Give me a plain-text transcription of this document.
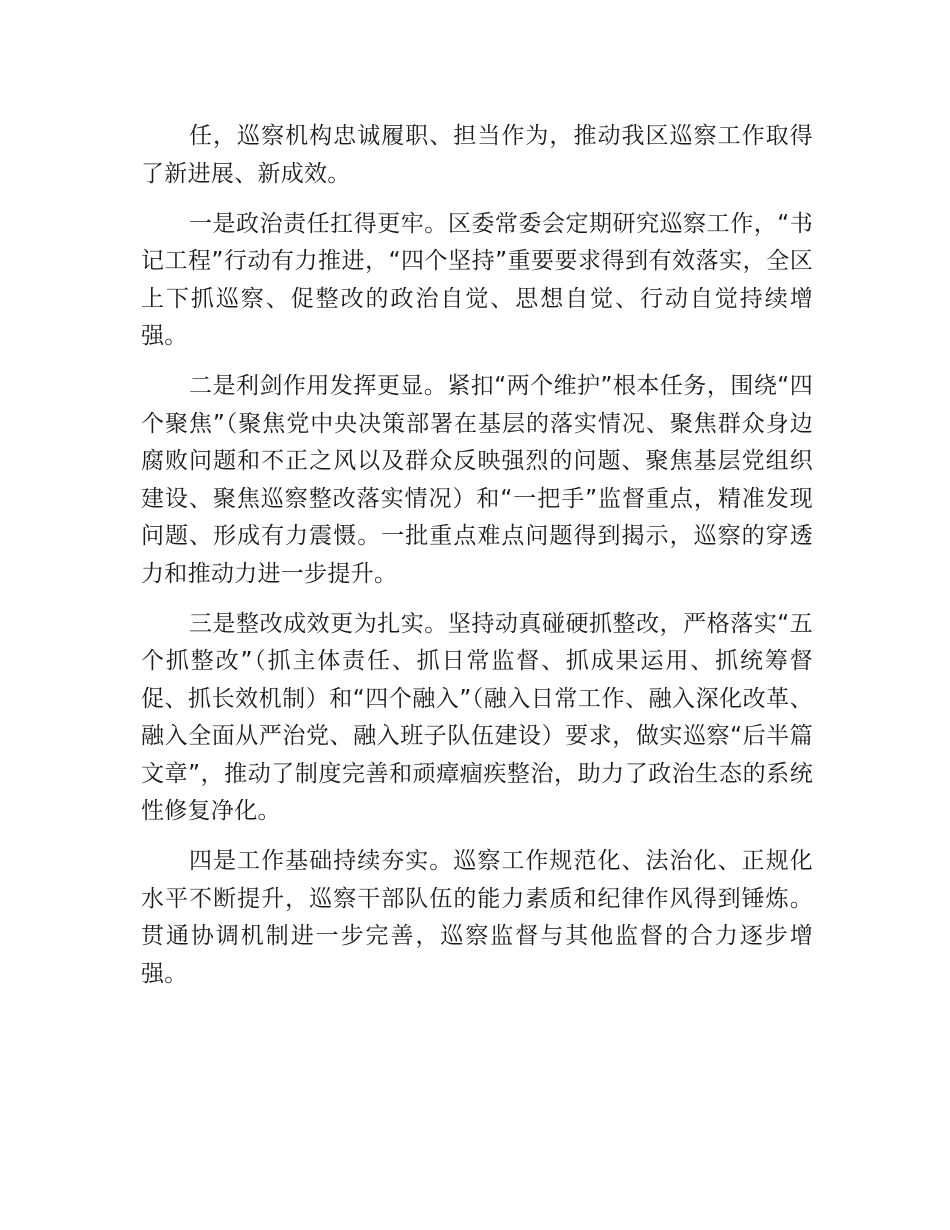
任，巡察机构忠诚履职、担当作为，推动我区巡察工作取得了新进展、新成效。

一是政治责任扛得更牢。区委常委会定期研究巡察工作，“书记工程”行动有力推进，“四个坚持”重要要求得到有效落实，全区上下抓巡察、促整改的政治自觉、思想自觉、行动自觉持续增强。

二是利剑作用发挥更显。紧扣“两个维护”根本任务，围绕“四个聚焦”（聚焦党中央决策部署在基层的落实情况、聚焦群众身边腐败问题和不正之风以及群众反映强烈的问题、聚焦基层党组织建设、聚焦巡察整改落实情况）和“一把手”监督重点，精准发现问题、形成有力震慑。一批重点难点问题得到揭示，巡察的穿透力和推动力进一步提升。

三是整改成效更为扎实。坚持动真碰硬抓整改，严格落实“五个抓整改”（抓主体责任、抓日常监督、抓成果运用、抓统筹督促、抓长效机制）和“四个融入”（融入日常工作、融入深化改革、融入全面从严治党、融入班子队伍建设）要求，做实巡察“后半篇文章”，推动了制度完善和顽瘴痼疾整治，助力了政治生态的系统性修复净化。

四是工作基础持续夯实。巡察工作规范化、法治化、正规化水平不断提升，巡察干部队伍的能力素质和纪律作风得到锤炼。贯通协调机制进一步完善，巡察监督与其他监督的合力逐步增强。
